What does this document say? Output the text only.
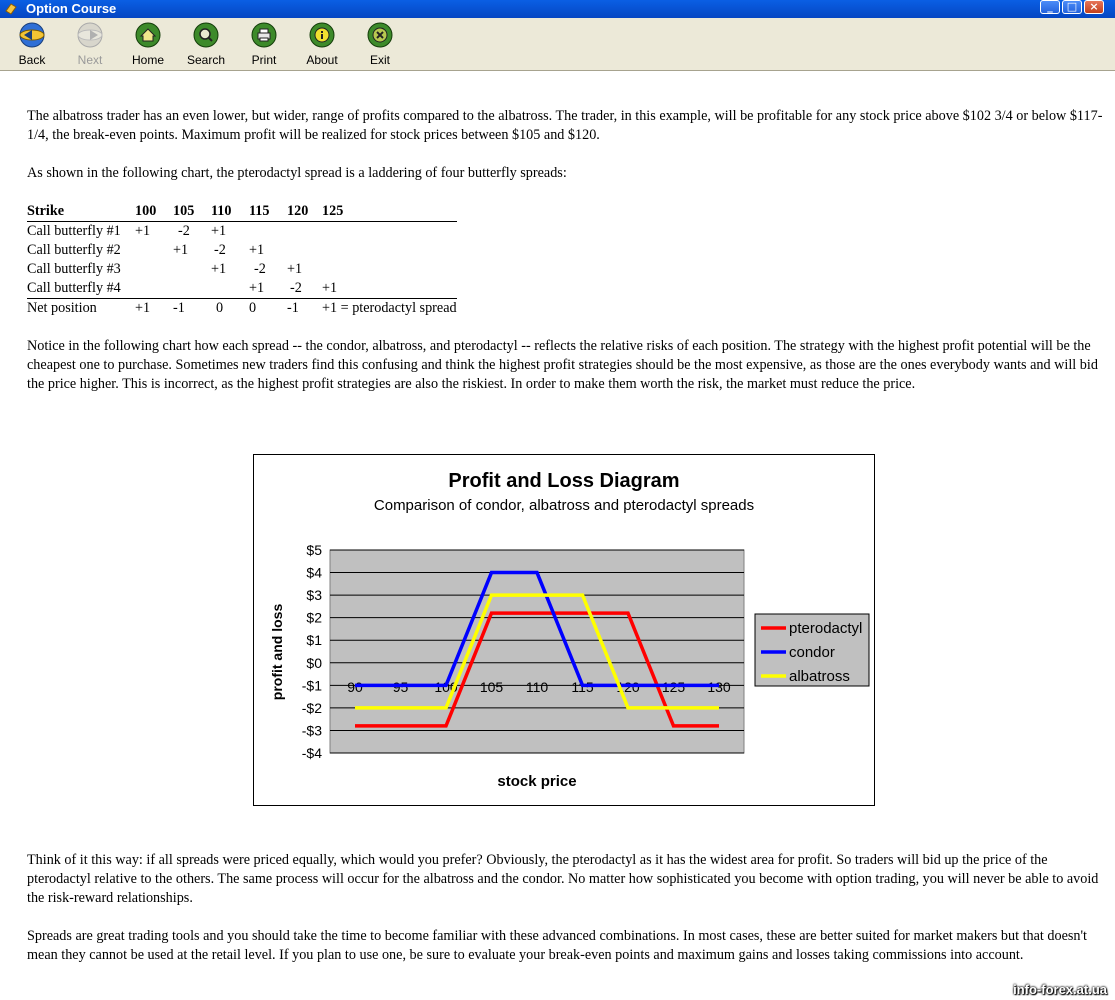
Option Course	_	□	×
Back	Next	Home	Search	Print	About	Exit

The albatross trader has an even lower, but wider, range of profits compared to the albatross. The trader, in this example, will be profitable for any stock price above $102 3/4 or below $117-1/4, the break-even points. Maximum profit will be realized for stock prices between $105 and $120.

As shown in the following chart, the pterodactyl spread is a laddering of four butterfly spreads:

Strike	100	105	110	115	120	125
Call butterfly #1	+1	-2	+1			
Call butterfly #2		+1	-2	+1		
Call butterfly #3			+1	-2	+1	
Call butterfly #4				+1	-2	+1
Net position	+1	-1	0	0	-1	+1 = pterodactyl spread

Notice in the following chart how each spread -- the condor, albatross, and pterodactyl -- reflects the relative risks of each position. The strategy with the highest profit potential will be the cheapest one to purchase. Sometimes new traders find this confusing and think the highest profit strategies should be the most expensive, as those are the ones everybody wants and will bid the price higher. This is incorrect, as the highest profit strategies are also the riskiest. In order to make them worth the risk, the market must reduce the price.

Profit and Loss Diagram
Comparison of condor, albatross and pterodactyl spreads
$5
$4
$3
$2
$1
$0
-$1
-$2
-$3
-$4
90 95 100 105 110 115 120 125 130
profit and loss
stock price
pterodactyl
condor
albatross

Think of it this way: if all spreads were priced equally, which would you prefer? Obviously, the pterodactyl as it has the widest area for profit. So traders will bid up the price of the pterodactyl relative to the others. The same process will occur for the albatross and the condor. No matter how sophisticated you become with option trading, you will never be able to avoid the risk-reward relationships.

Spreads are great trading tools and you should take the time to become familiar with these advanced combinations. In most cases, these are better suited for market makers but that doesn't mean they cannot be used at the retail level. If you plan to use one, be sure to evaluate your break-even points and maximum gains and losses taking commissions into account.

info-forex.at.ua
